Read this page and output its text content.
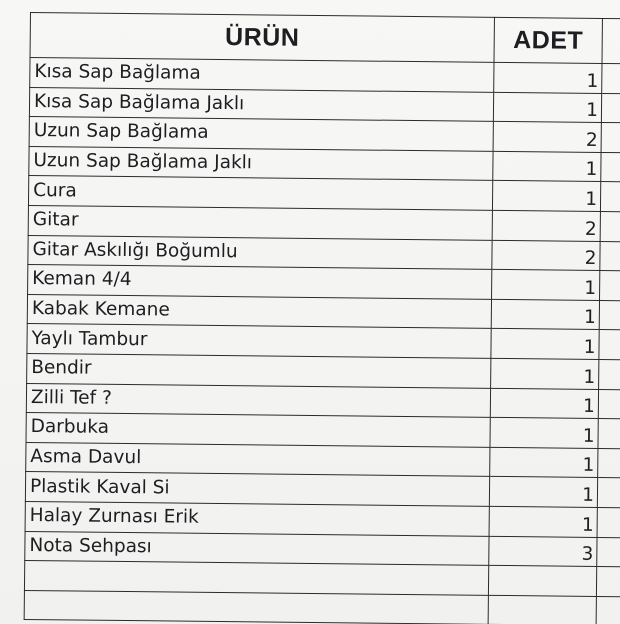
ÜRÜN	ADET	
Kısa Sap Bağlama	1	
Kısa Sap Bağlama Jaklı	1	
Uzun Sap Bağlama	2	
Uzun Sap Bağlama Jaklı	1	
Cura	1	
Gitar	2	
Gitar Askılığı Boğumlu	2	
Keman 4/4	1	
Kabak Kemane	1	
Yaylı Tambur	1	
Bendir	1	
Zilli Tef ?	1	
Darbuka	1	
Asma Davul	1	
Plastik Kaval Si	1	
Halay Zurnası Erik	1	
Nota Sehpası	3	
